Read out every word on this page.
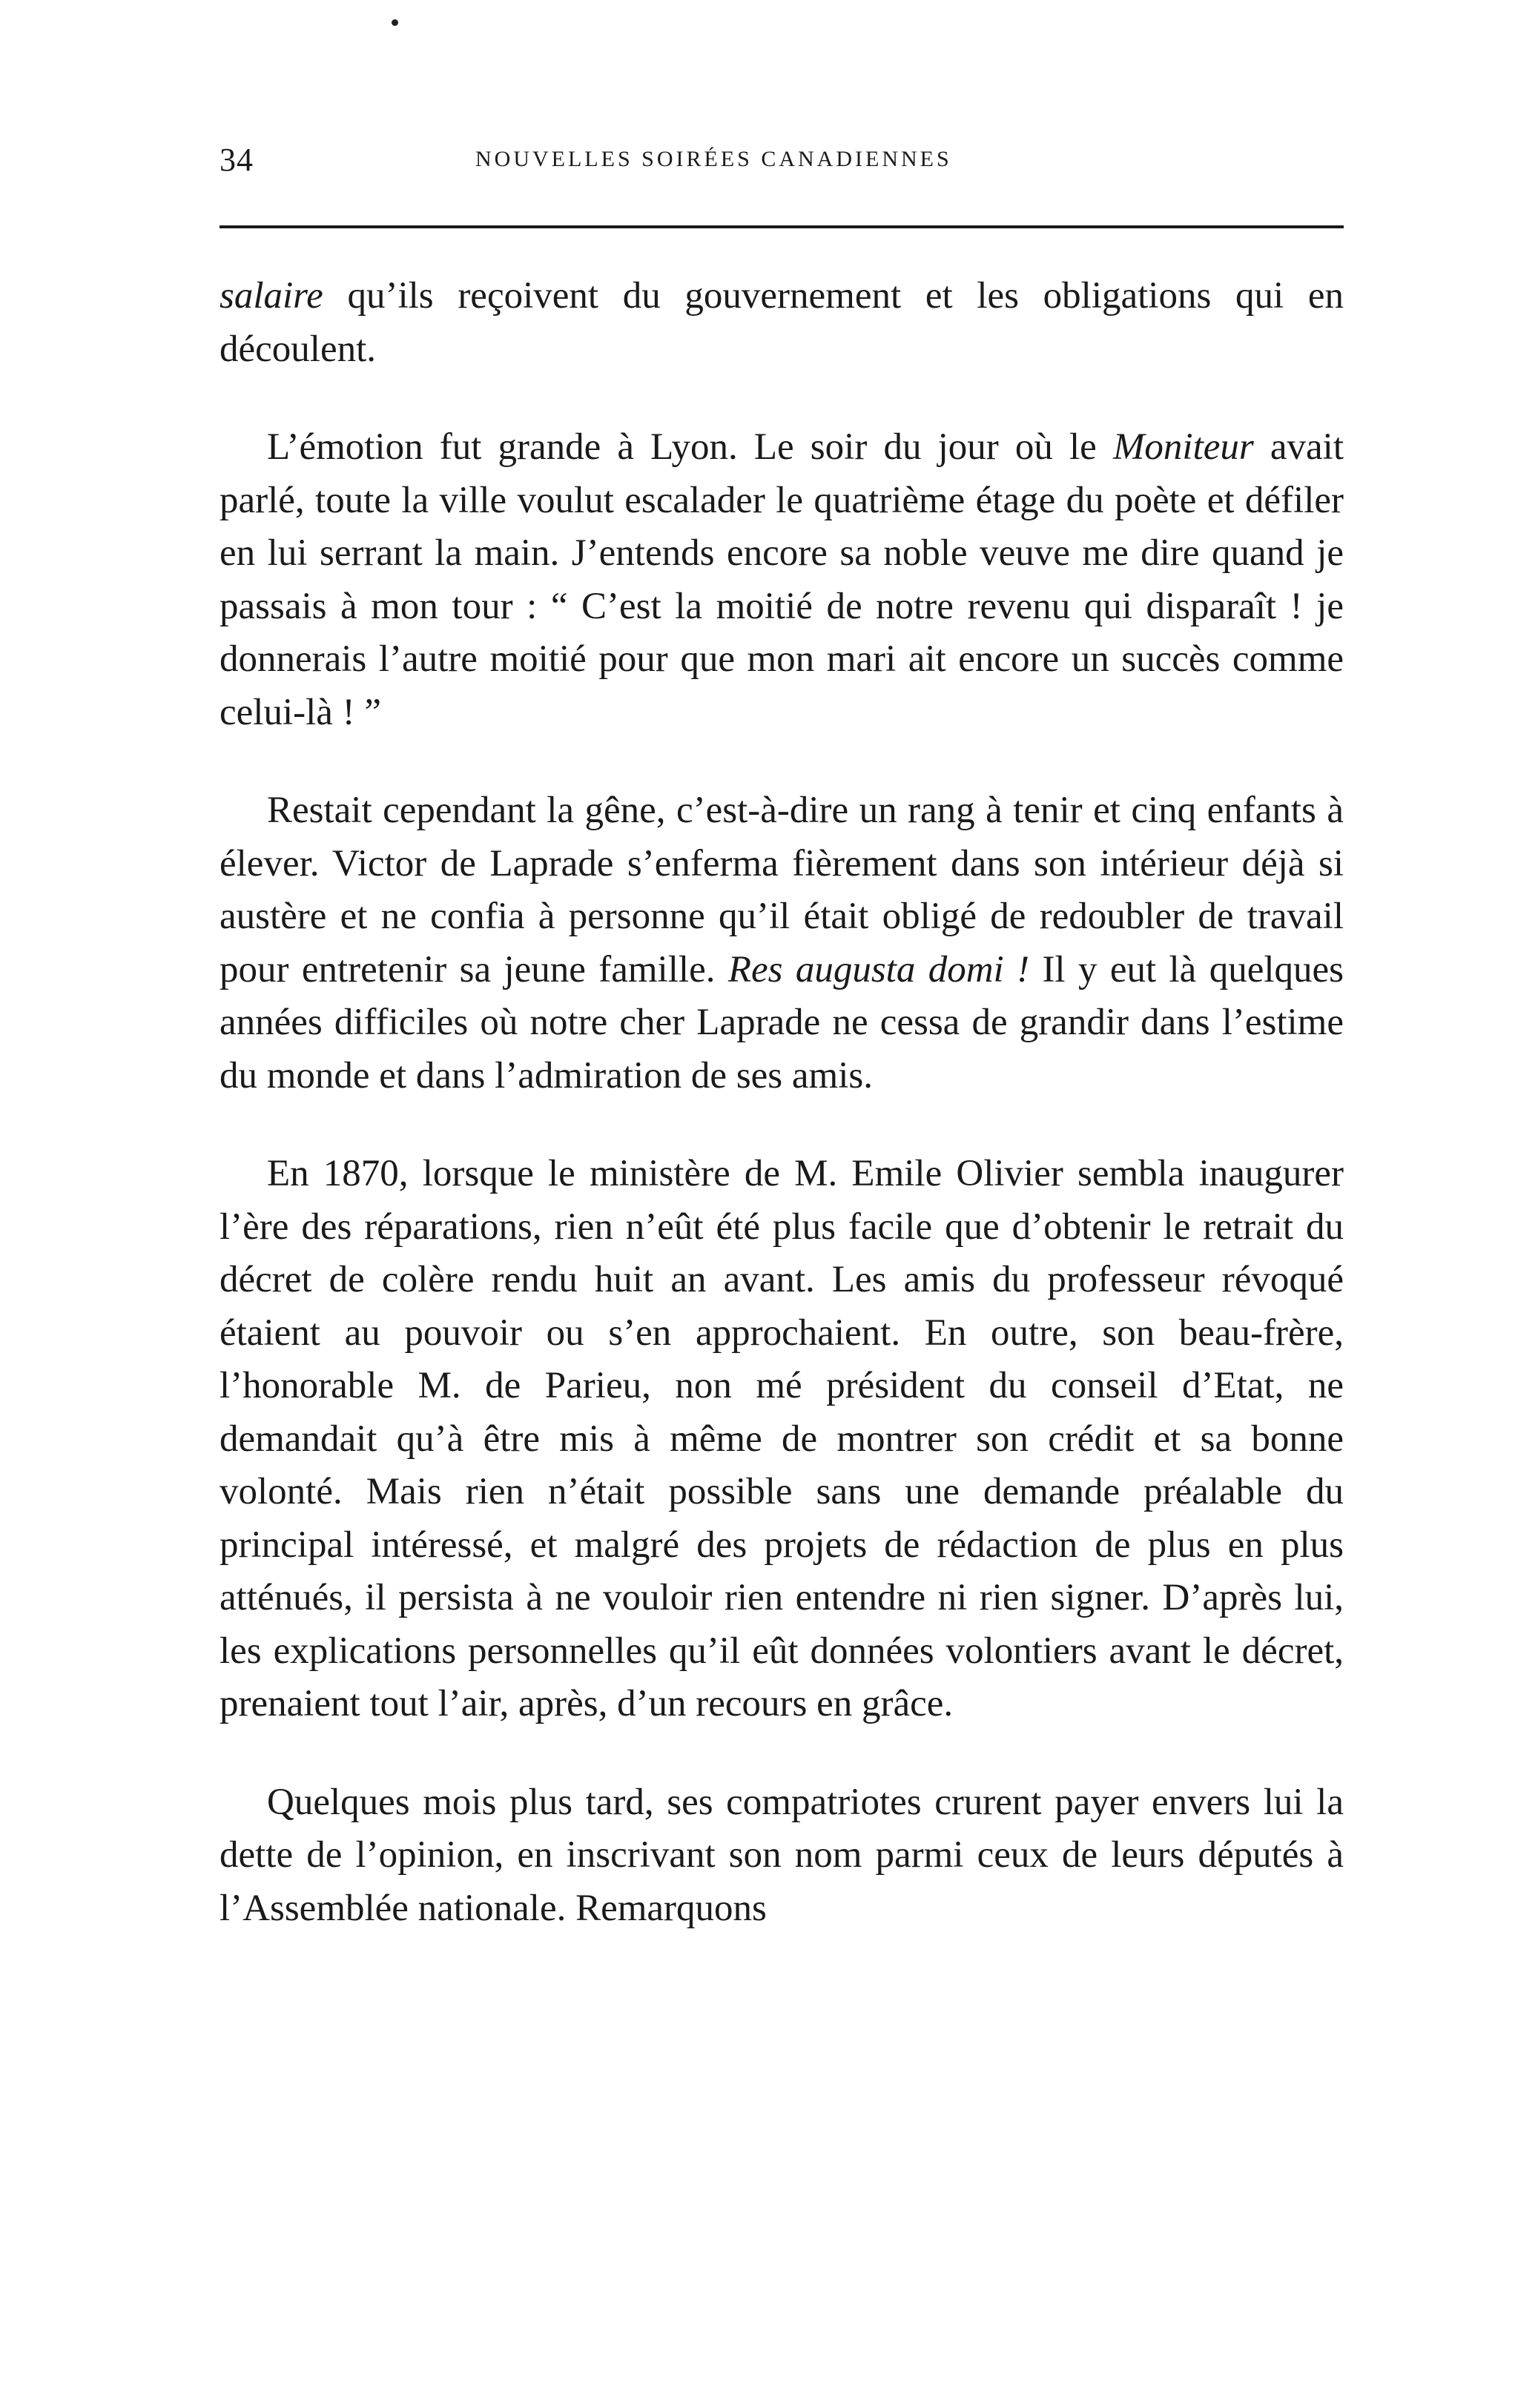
34	NOUVELLES SOIRÉES CANADIENNES

salaire qu’ils reçoivent du gouvernement et les obligations qui en découlent.

L’émotion fut grande à Lyon. Le soir du jour où le Moniteur avait parlé, toute la ville voulut escalader le quatrième étage du poète et défiler en lui serrant la main. J’entends encore sa noble veuve me dire quand je passais à mon tour : “ C’est la moitié de notre revenu qui disparaît ! je donnerais l’autre moitié pour que mon mari ait encore un succès comme celui-là ! ”

Restait cependant la gêne, c’est-à-dire un rang à tenir et cinq enfants à élever. Victor de Laprade s’enferma fièrement dans son intérieur déjà si austère et ne confia à personne qu’il était obligé de redoubler de travail pour entretenir sa jeune famille. Res augusta domi ! Il y eut là quelques années difficiles où notre cher Laprade ne cessa de grandir dans l’estime du monde et dans l’admiration de ses amis.

En 1870, lorsque le ministère de M. Emile Olivier sembla inaugurer l’ère des réparations, rien n’eût été plus facile que d’obtenir le retrait du décret de colère rendu huit an avant. Les amis du professeur révoqué étaient au pouvoir ou s’en approchaient. En outre, son beau-frère, l’honorable M. de Parieu, non mé président du conseil d’Etat, ne demandait qu’à être mis à même de montrer son crédit et sa bonne volonté. Mais rien n’était possible sans une demande préalable du principal intéressé, et malgré des projets de rédaction de plus en plus atténués, il persista à ne vouloir rien entendre ni rien signer. D’après lui, les explications personnelles qu’il eût données volontiers avant le décret, prenaient tout l’air, après, d’un recours en grâce.

Quelques mois plus tard, ses compatriotes crurent payer envers lui la dette de l’opinion, en inscrivant son nom parmi ceux de leurs députés à l’Assemblée nationale. Remarquons
